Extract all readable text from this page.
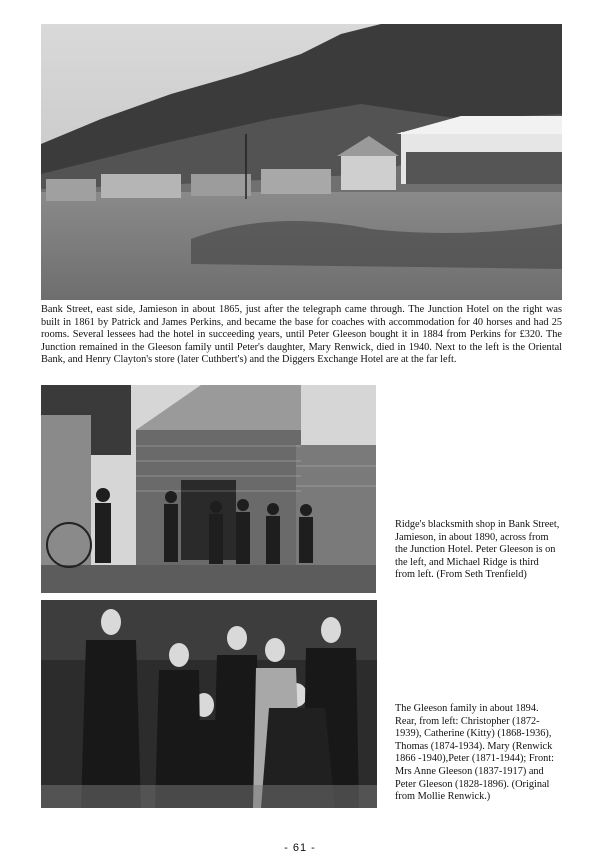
Bank Street, east side, Jamieson in about 1865, just after the telegraph came through. The Junction Hotel on the right was built in 1861 by Patrick and James Perkins, and became the base for coaches with accommodation for 40 horses and had 25 rooms. Several lessees had the hotel in succeeding years, until Peter Gleeson bought it in 1884 from Perkins for £320. The Junction remained in the Gleeson family until Peter's daughter, Mary Renwick, died in 1940. Next to the left is the Oriental Bank, and Henry Clayton's store (later Cuthbert's) and the Diggers Exchange Hotel are at the far left.

Ridge's blacksmith shop in Bank Street, Jamieson, in about 1890, across from the Junction Hotel. Peter Gleeson is on the left, and Michael Ridge is third from left. (From Seth Trenfield)

The Gleeson family in about 1894. Rear, from left: Christopher (1872-1939), Catherine (Kitty) (1868-1936), Thomas (1874-1934). Mary (Renwick 1866 -1940),Peter (1871-1944); Front: Mrs Anne Gleeson (1837-1917) and Peter Gleeson (1828-1896). (Original from Mollie Renwick.)

- 61 -
